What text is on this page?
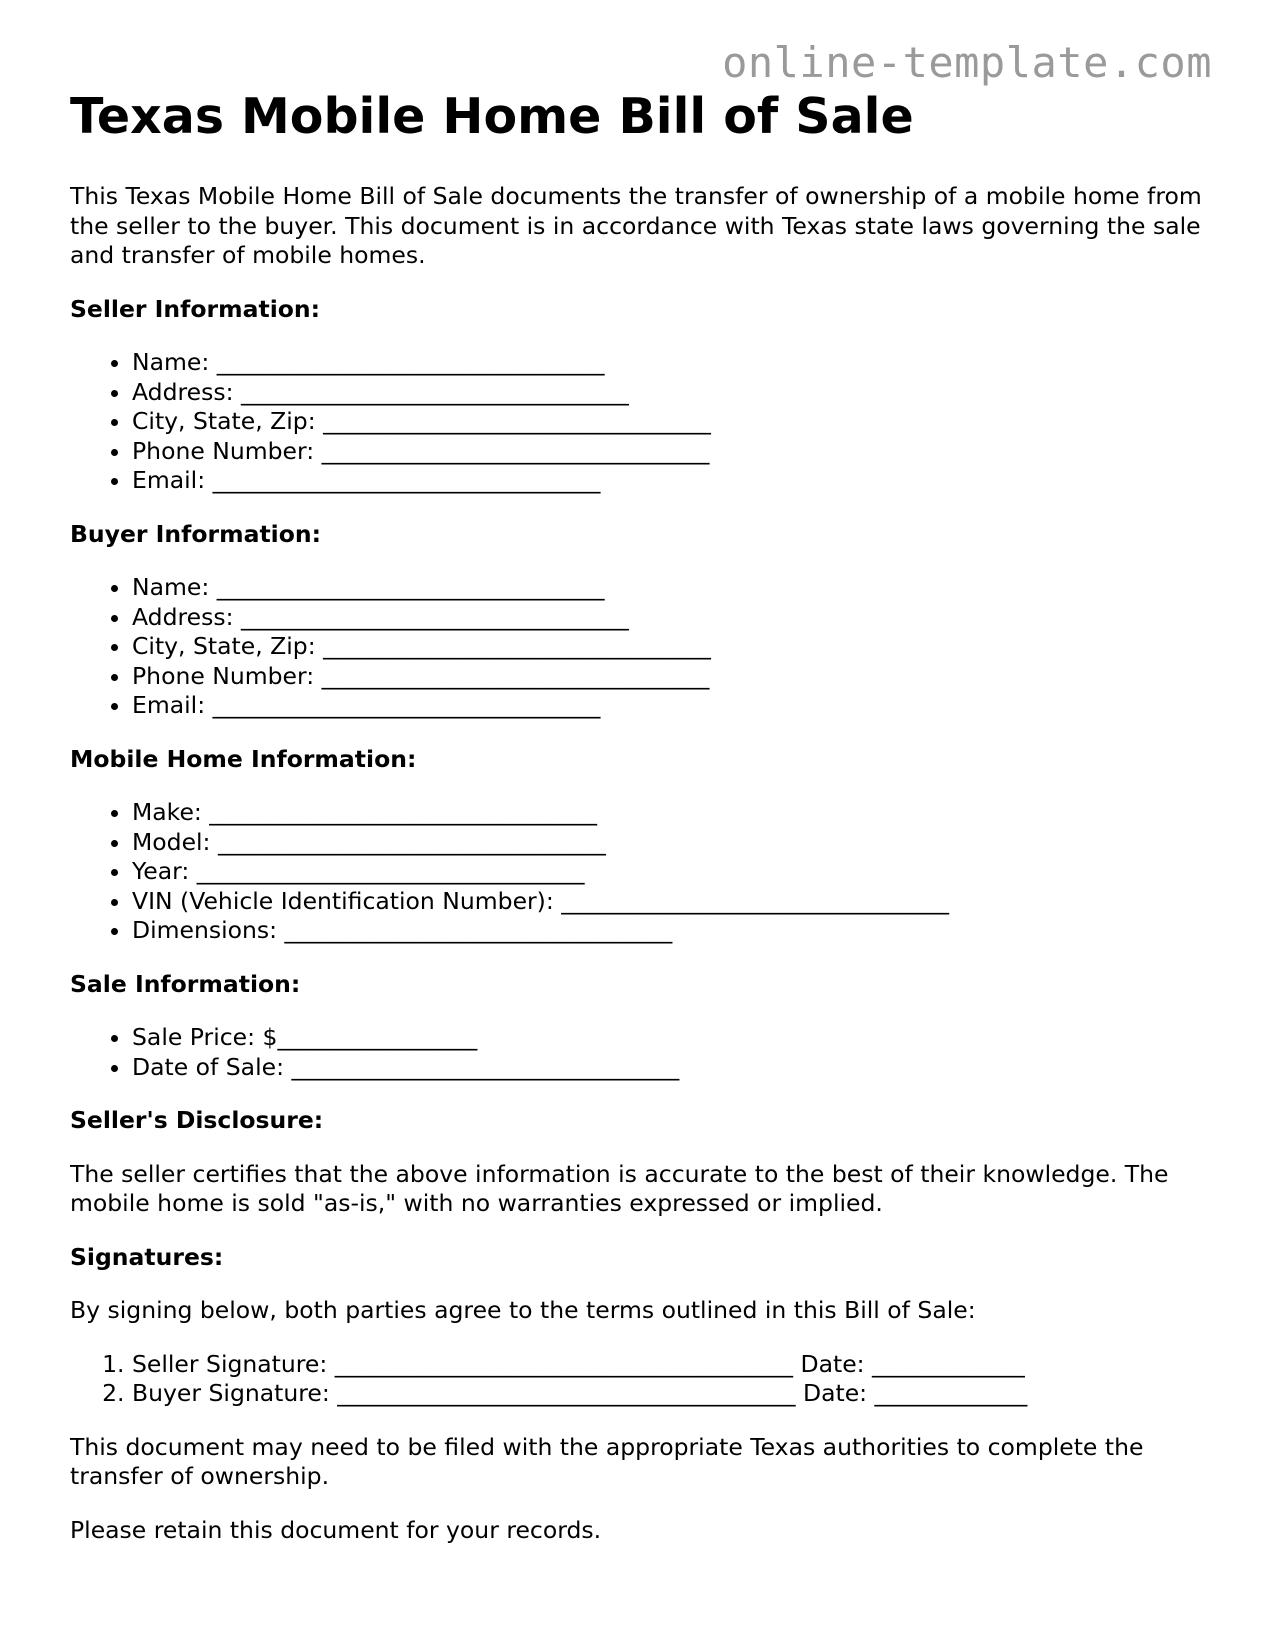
online-template.com
Texas Mobile Home Bill of Sale

This Texas Mobile Home Bill of Sale documents the transfer of ownership of a mobile home from the seller to the buyer. This document is in accordance with Texas state laws governing the sale and transfer of mobile homes.

Seller Information:
• Name: _________________________________
• Address: _________________________________
• City, State, Zip: _________________________________
• Phone Number: _________________________________
• Email: _________________________________
Buyer Information:
• Name: _________________________________
• Address: _________________________________
• City, State, Zip: _________________________________
• Phone Number: _________________________________
• Email: _________________________________
Mobile Home Information:
• Make: _________________________________
• Model: _________________________________
• Year: _________________________________
• VIN (Vehicle Identification Number): _________________________________
• Dimensions: _________________________________
Sale Information:
• Sale Price: $_________________
• Date of Sale: _________________________________
Seller's Disclosure:

The seller certifies that the above information is accurate to the best of their knowledge. The mobile home is sold "as-is," with no warranties expressed or implied.

Signatures:

By signing below, both parties agree to the terms outlined in this Bill of Sale:

1. Seller Signature: _______________________________________ Date: _____________
2. Buyer Signature: _______________________________________ Date: _____________

This document may need to be filed with the appropriate Texas authorities to complete the transfer of ownership.

Please retain this document for your records.
